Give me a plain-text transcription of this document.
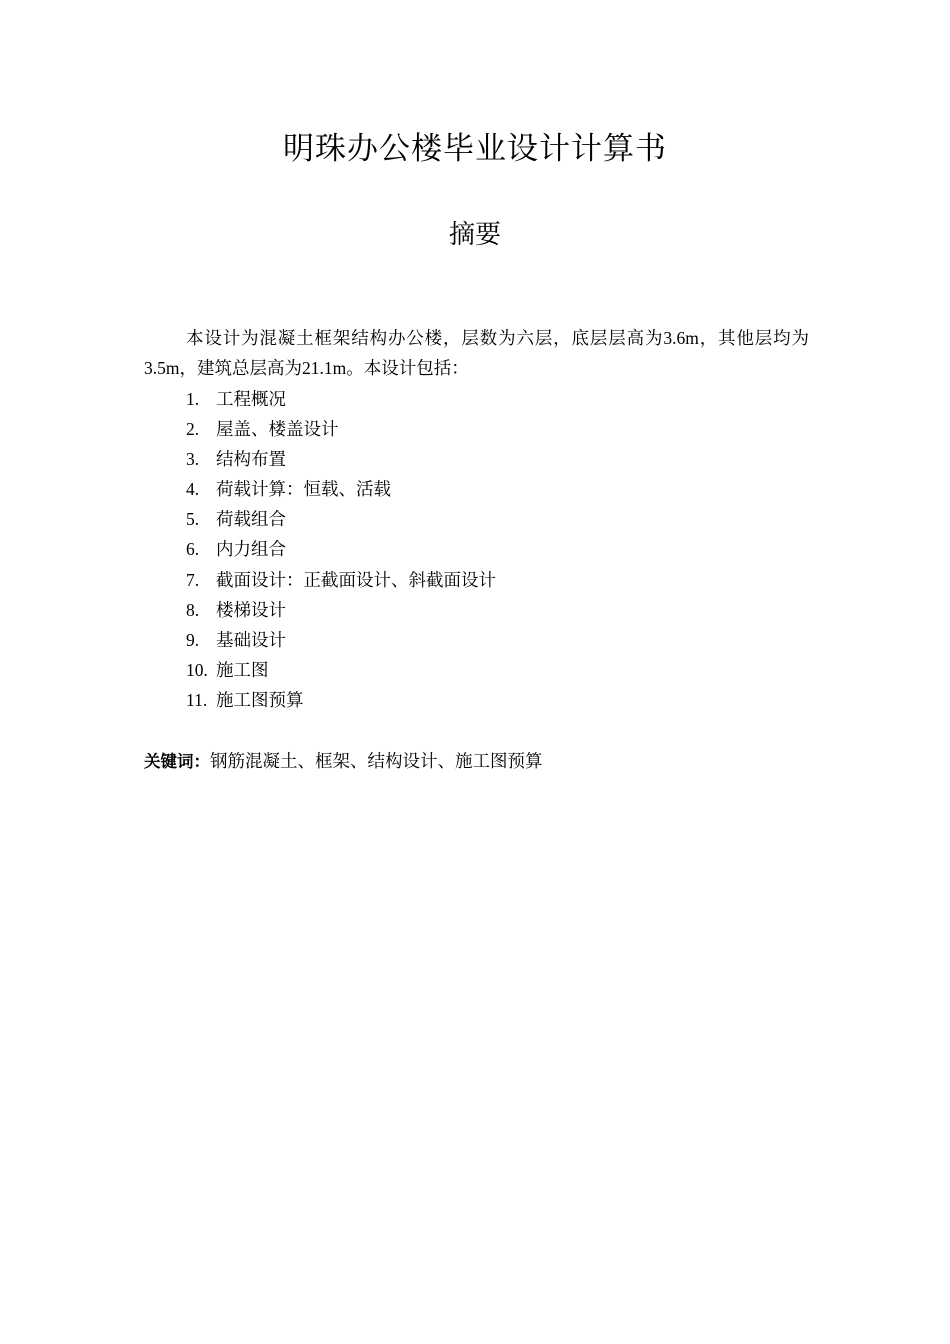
明珠办公楼毕业设计计算书
摘要
本设计为混凝土框架结构办公楼，层数为六层，底层层高为3.6m，其他层均为3.5m，建筑总层高为21.1m。本设计包括：
1. 工程概况
2. 屋盖、楼盖设计
3. 结构布置
4. 荷载计算：恒载、活载
5. 荷载组合
6. 内力组合
7. 截面设计：正截面设计、斜截面设计
8. 楼梯设计
9. 基础设计
10. 施工图
11. 施工图预算
关键词：钢筋混凝土、框架、结构设计、施工图预算
